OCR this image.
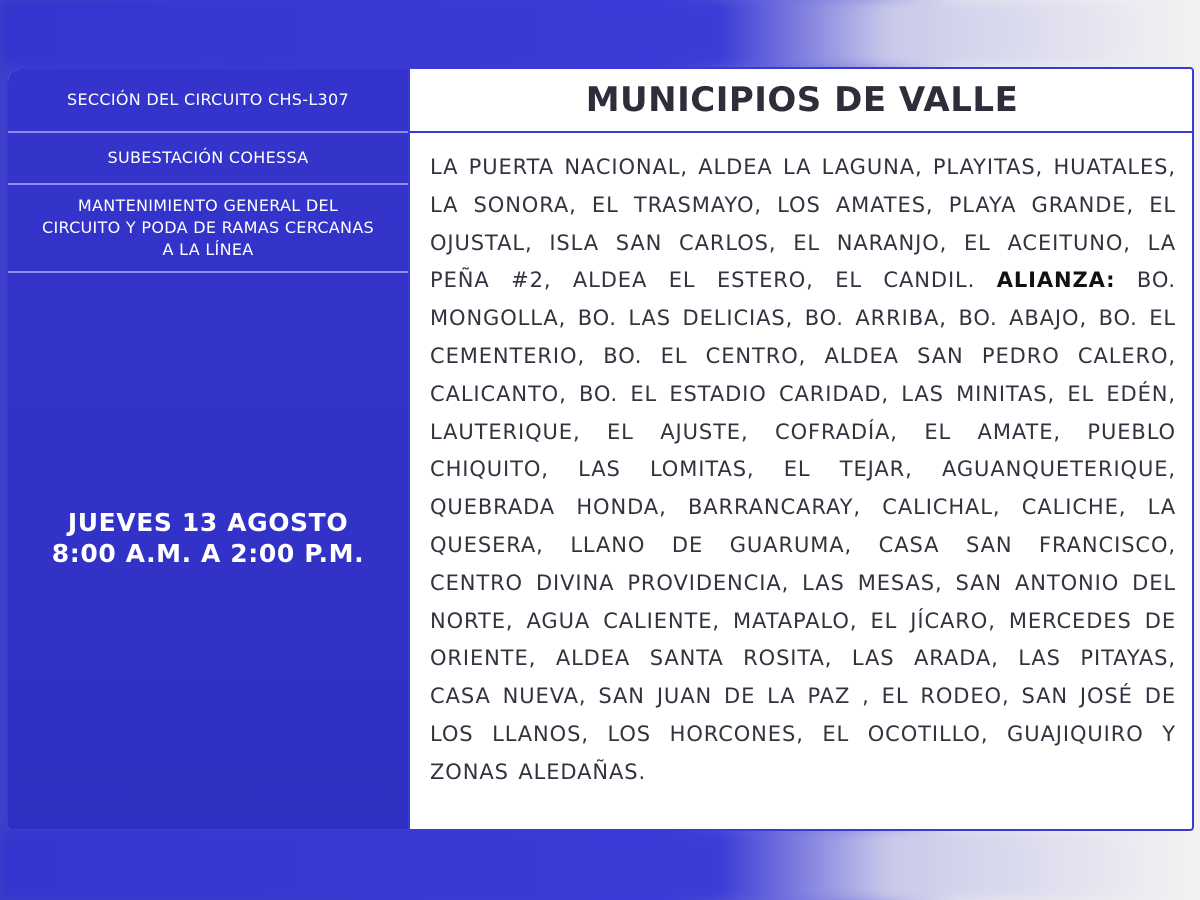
SECCIÓN DEL CIRCUITO CHS-L307
SUBESTACIÓN COHESSA
MANTENIMIENTO GENERAL DEL CIRCUITO Y PODA DE RAMAS CERCANAS A LA LÍNEA
JUEVES 13 AGOSTO
8:00 A.M. A 2:00 P.M.
MUNICIPIOS DE VALLE
LA PUERTA NACIONAL, ALDEA LA LAGUNA, PLAYITAS, HUATALES, LA SONORA, EL TRASMAYO, LOS AMATES, PLAYA GRANDE, EL OJUSTAL, ISLA SAN CARLOS, EL NARANJO, EL ACEITUNO, LA PEÑA #2, ALDEA EL ESTERO, EL CANDIL. ALIANZA: BO. MONGOLLA, BO. LAS DELICIAS, BO. ARRIBA, BO. ABAJO, BO. EL CEMENTERIO, BO. EL CENTRO, ALDEA SAN PEDRO CALERO, CALICANTO, BO. EL ESTADIO CARIDAD, LAS MINITAS, EL EDÉN, LAUTERIQUE, EL AJUSTE, COFRADÍA, EL AMATE, PUEBLO CHIQUITO, LAS LOMITAS, EL TEJAR, AGUANQUETERIQUE, QUEBRADA HONDA, BARRANCARAY, CALICHAL, CALICHE, LA QUESERA, LLANO DE GUARUMA, CASA SAN FRANCISCO, CENTRO DIVINA PROVIDENCIA, LAS MESAS, SAN ANTONIO DEL NORTE, AGUA CALIENTE, MATAPALO, EL JÍCARO, MERCEDES DE ORIENTE, ALDEA SANTA ROSITA, LAS ARADA, LAS PITAYAS, CASA NUEVA, SAN JUAN DE LA PAZ , EL RODEO, SAN JOSÉ DE LOS LLANOS, LOS HORCONES, EL OCOTILLO, GUAJIQUIRO Y ZONAS ALEDAÑAS.
